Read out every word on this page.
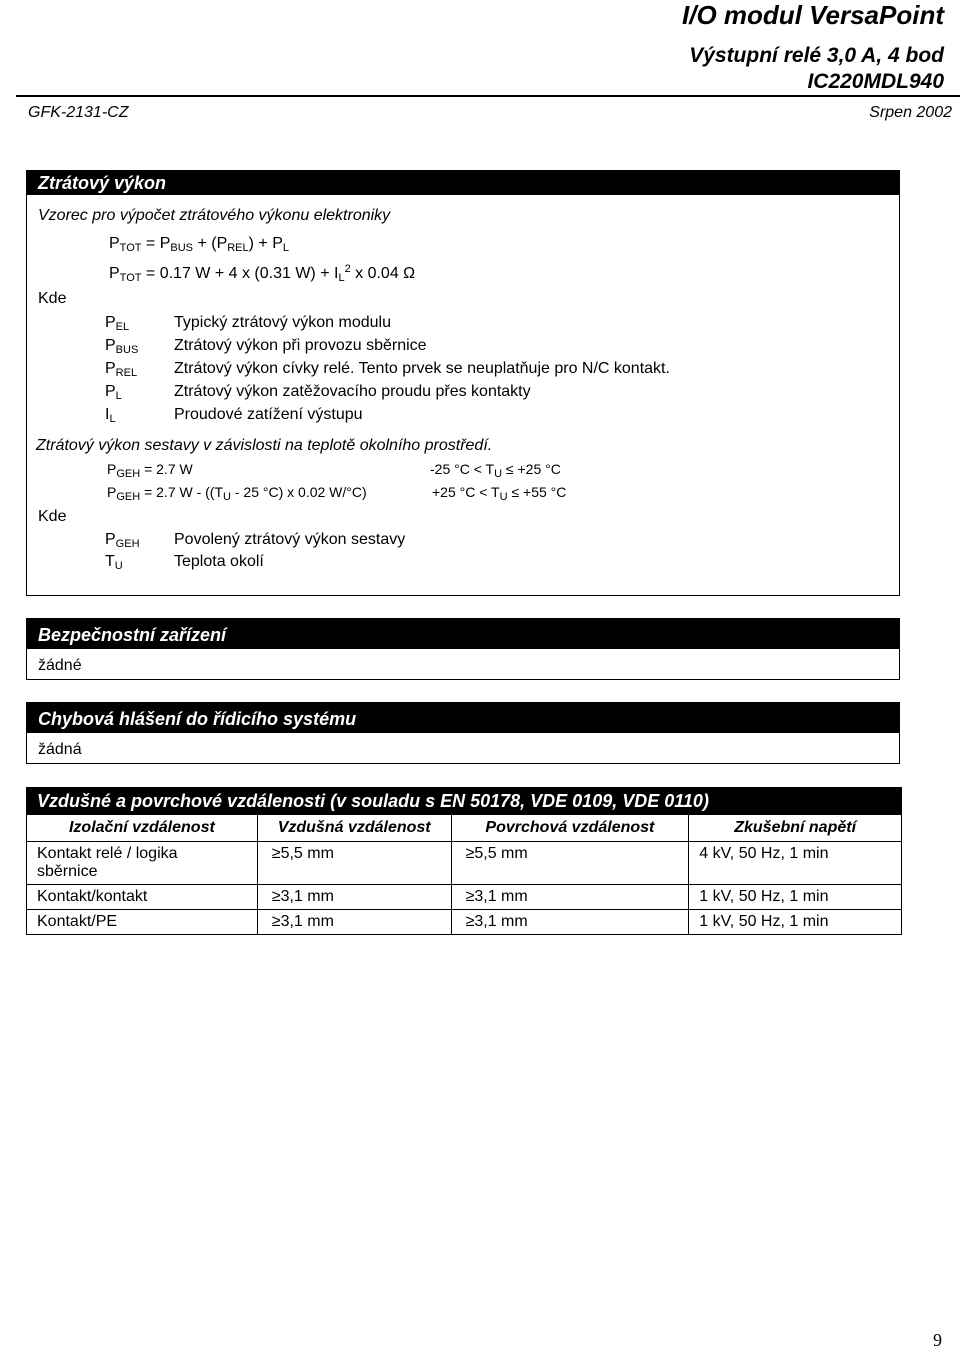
I/O modul VersaPoint
Výstupní relé 3,0 A, 4 bod
IC220MDL940
GFK-2131-CZ	Srpen 2002
Ztrátový výkon
Vzorec pro výpočet ztrátového výkonu elektroniky
$P_{TOT} = P_{BUS} + (P_{REL}) + P_L$
$P_{TOT} = 0.17$ W + 4 x (0.31 $W) + I_L^2$ x 0.04 Ω
Kde
$P_{EL}$	Typický ztrátový výkon modulu
$P_{BUS}$ Ztrátový výkon při provozu sběrnice
$P_{REL}$ Ztrátový výkon cívky relé. Tento prvek se neuplatňuje pro N/C kontakt.
$P_L$	Ztrátový výkon zatěžovacího proudu přes kontakty
$I_L$	Proudové zatížení výstupu
Ztrátový výkon sestavy v závislosti na teplotě okolního prostředí.
$P_{GEH} = 2.7$ W	-25 $^\circ C < T_U \le +25$ °C
$P_{GEH} = 2.7$ W - (($T_U - 25$ °C) x 0.02 W/°C)	+25 $^\circ C < T_U \le +55$ °C
Kde
$P_{GEH}$ Povolený ztrátový výkon sestavy
$T_U$	Teplota okolí
Bezpečnostní zařízení
žádné
Chybová hlášení do řídicího systému
žádná
Vzdušné a povrchové vzdálenosti (v souladu s EN 50178, VDE 0109, VDE 0110)
Izolační vzdálenost	Vzdušná vzdálenost	Povrchová vzdálenost	Zkušební napětí
Kontakt relé / logika
sběrnice	≥5,5 mm	≥5,5 mm	4 kV, 50 Hz, 1 min
Kontakt/kontakt	≥3,1 mm	≥3,1 mm	1 kV, 50 Hz, 1 min
Kontakt/PE	≥3,1 mm	≥3,1 mm	1 kV, 50 Hz, 1 min
9
